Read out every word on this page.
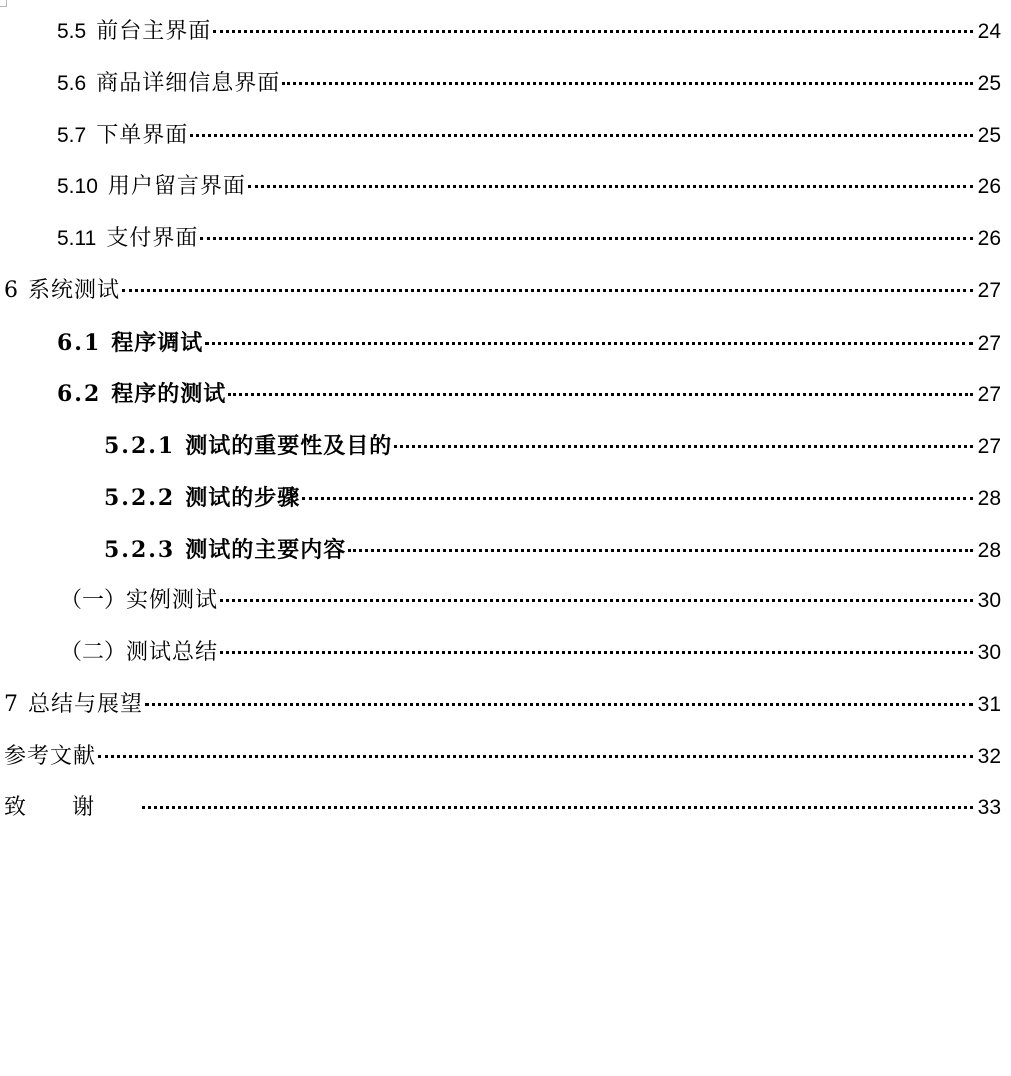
5.5 前台主界面	24
5.6 商品详细信息界面	25
5.7 下单界面	25
5.10 用户留言界面	26
5.11 支付界面	26
6 系统测试	27
6.1 程序调试	27
6.2 程序的测试	27
5.2.1 测试的重要性及目的	27
5.2.2 测试的步骤	28
5.2.3 测试的主要内容	28
（一） 实例测试	30
（二） 测试总结	30
7 总结与展望	31
参考文献	32
致谢	33
